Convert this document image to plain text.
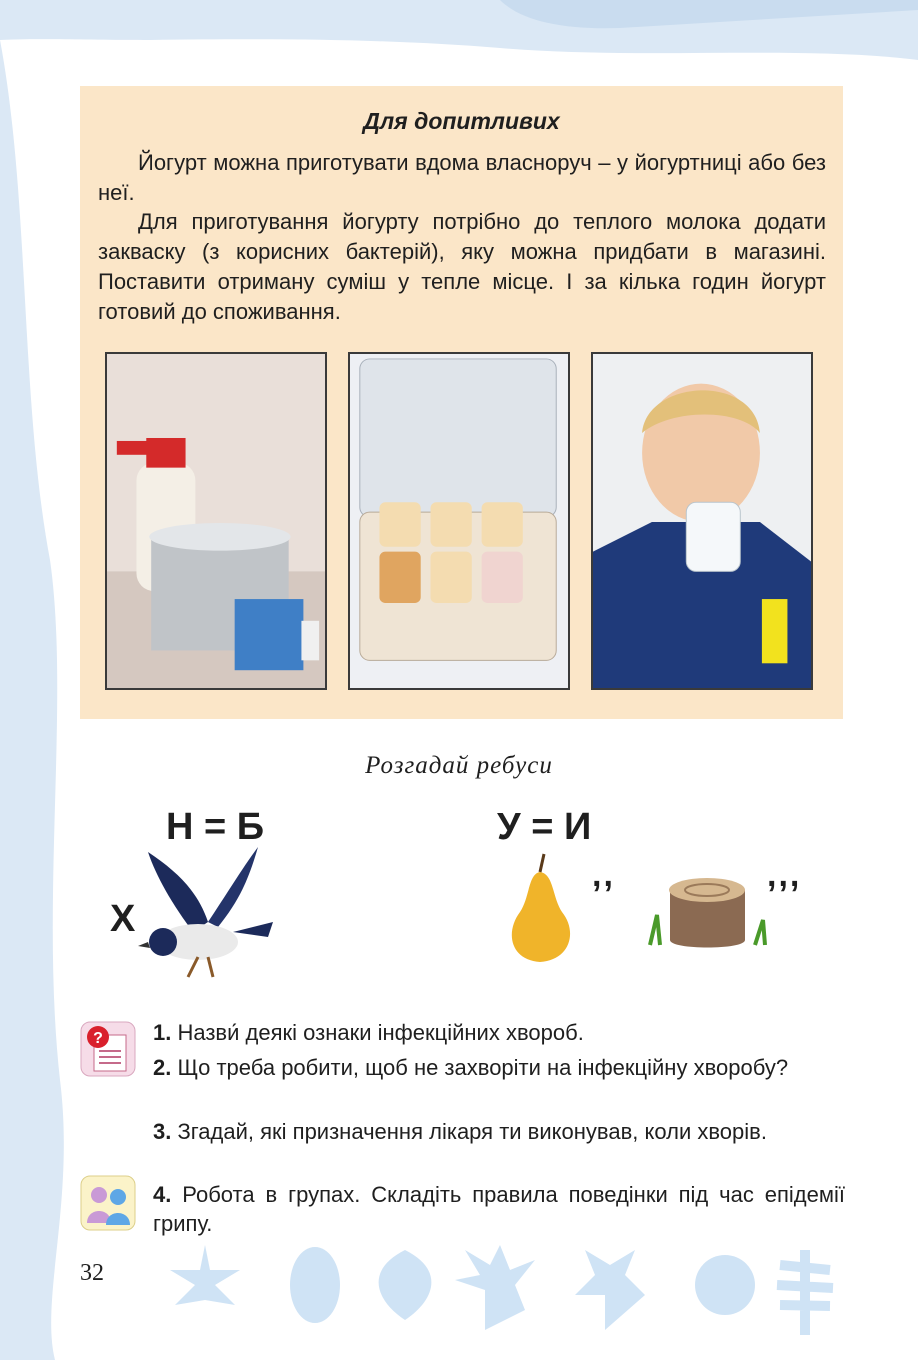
Для допитливих

Йогурт можна приготувати вдома власноруч – у йогуртниці або без неї.

Для приготування йогурту потрібно до теплого молока додати закваску (з корисних бактерій), яку можна придбати в магазині. Поставити отриману суміш у тепле місце. І за кілька годин йогурт готовий до споживання.

Розгадай ребуси
Н = Б	У = И
Х
,,	,,,
? 1. Назви́ деякі ознаки інфекційних хвороб.
2. Що треба робити, щоб не захворіти на інфекційну хворобу?
3. Згадай, які призначення лікаря ти виконував, коли хворів.
4. Робота в групах. Складіть правила поведінки під час епідемії грипу.
32
